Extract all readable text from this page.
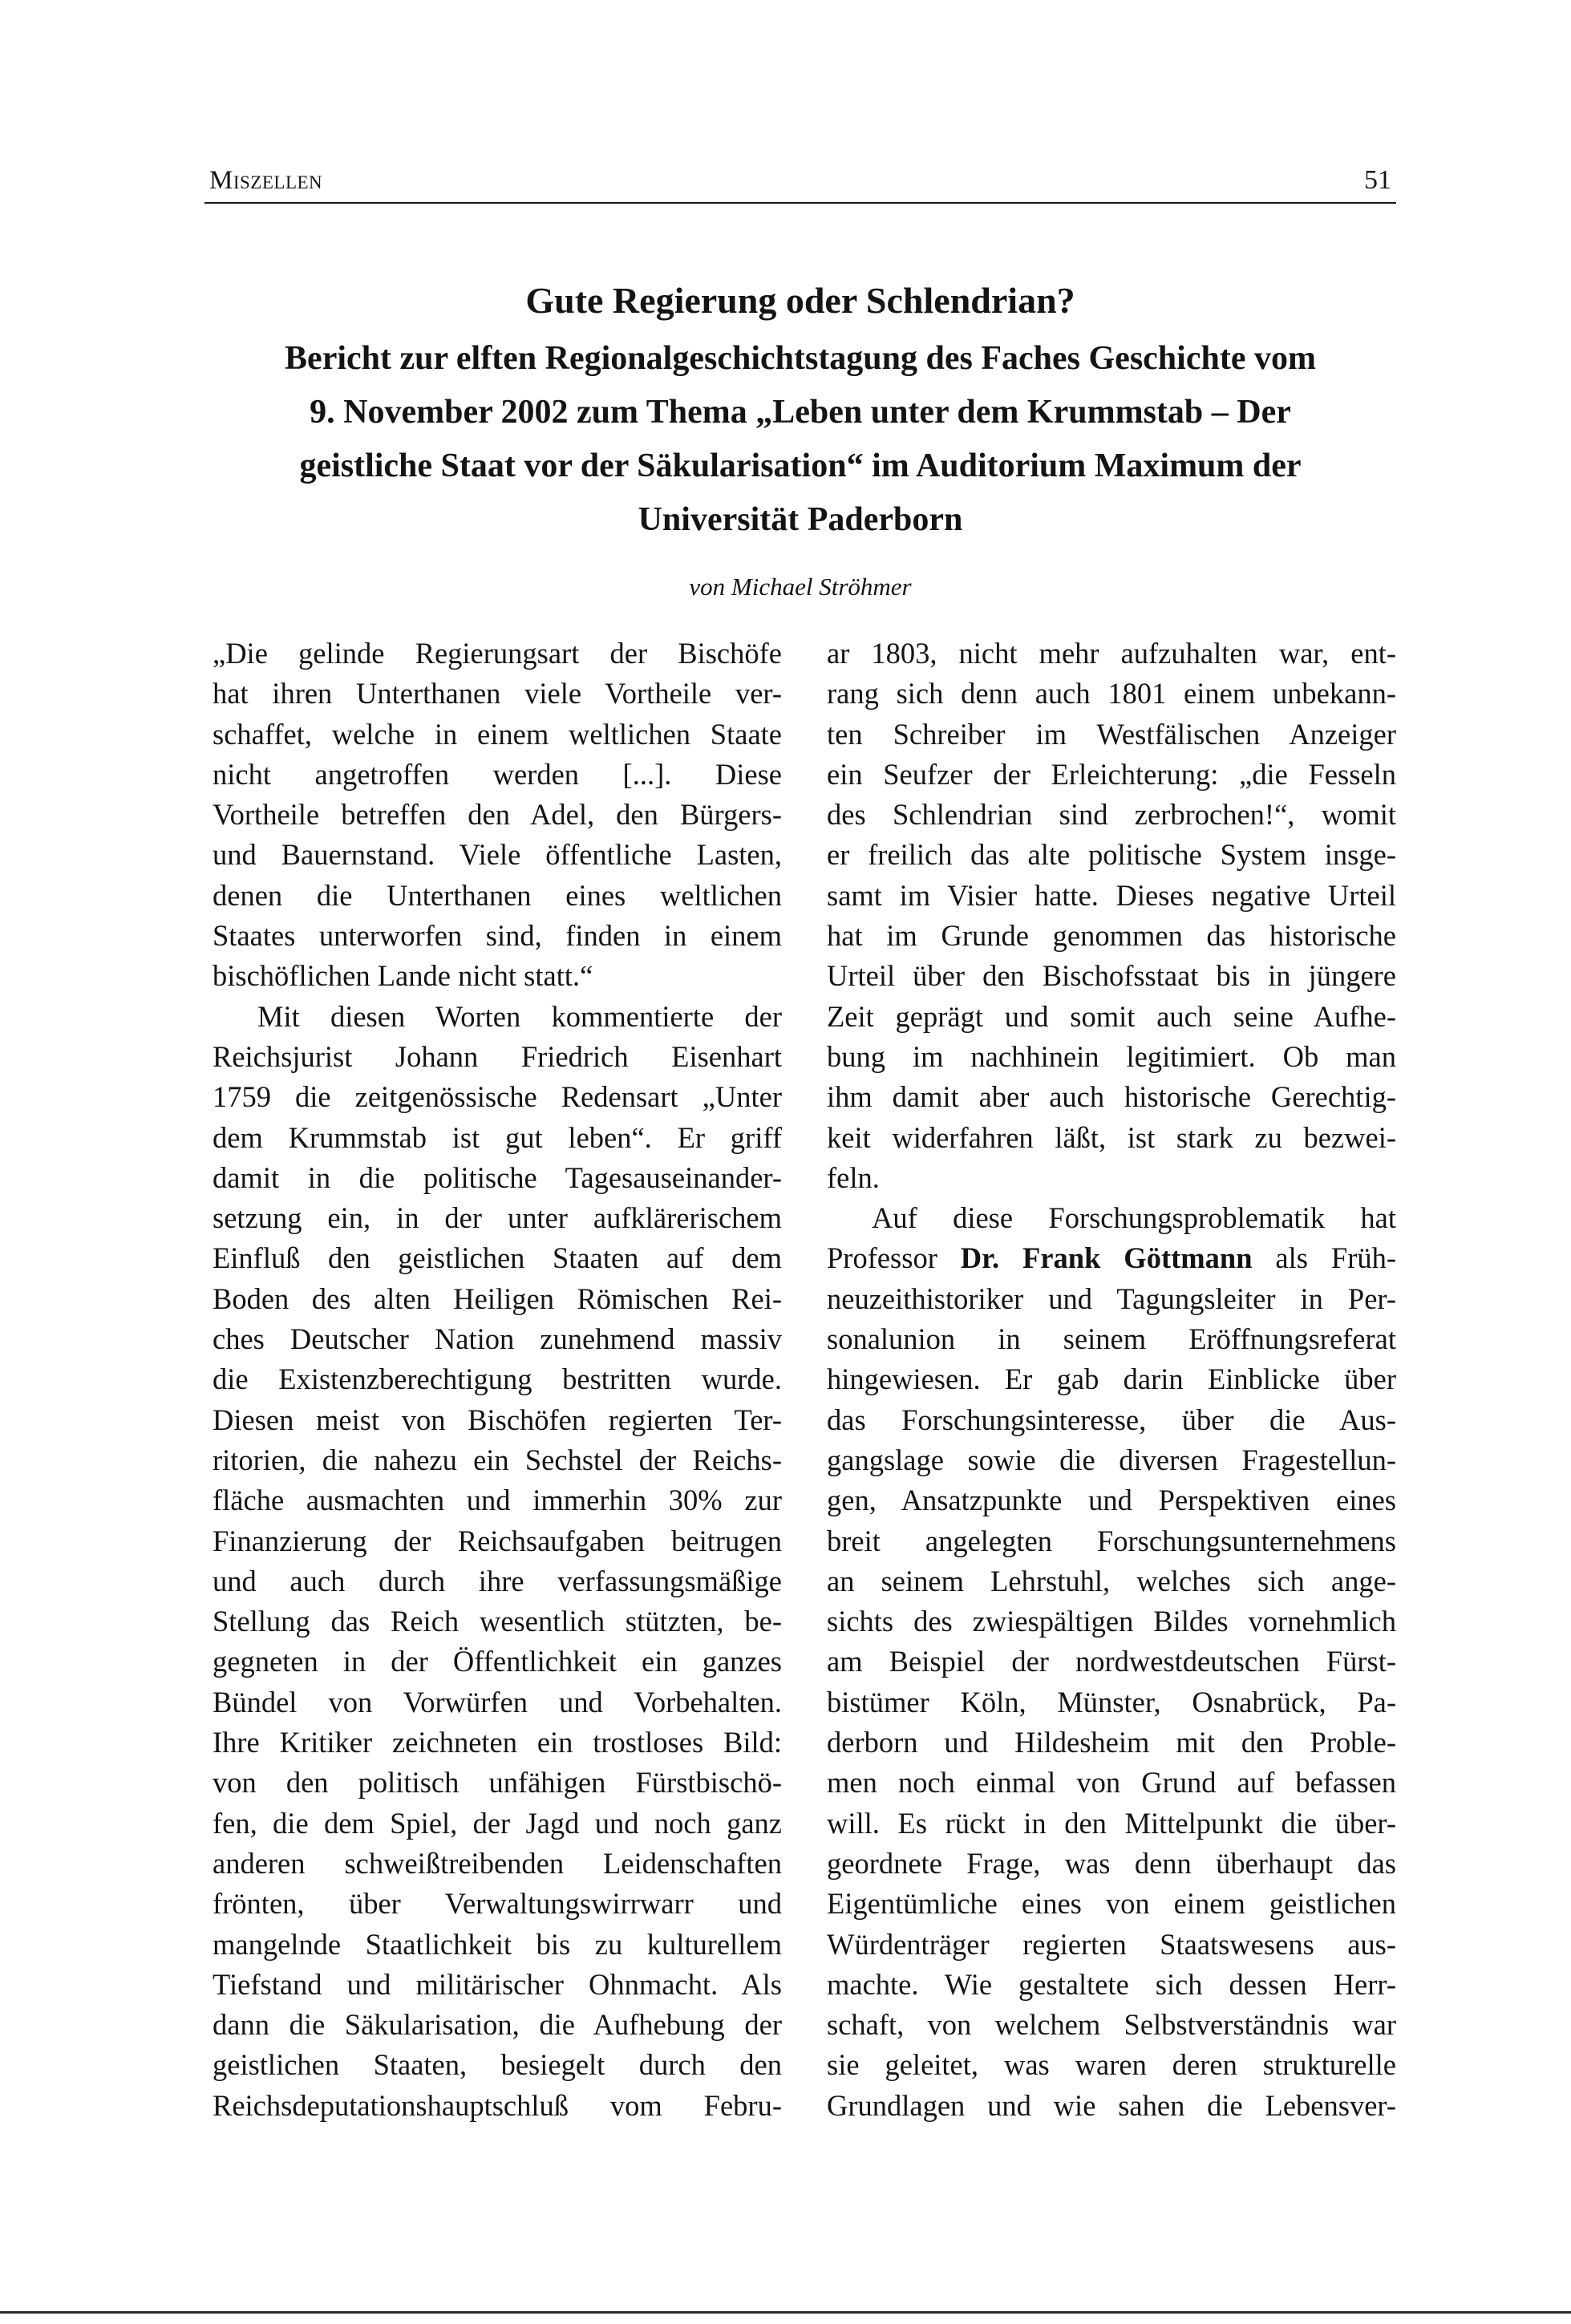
Miszellen	51
Gute Regierung oder Schlendrian?
Bericht zur elften Regionalgeschichtstagung des Faches Geschichte vom
9. November 2002 zum Thema „Leben unter dem Krummstab – Der
geistliche Staat vor der Säkularisation“ im Auditorium Maximum der
Universität Paderborn
von Michael Ströhmer
„Die gelinde Regierungsart der Bischöfe
hat ihren Unterthanen viele Vortheile ver-
schaffet, welche in einem weltlichen Staate
nicht angetroffen werden [...]. Diese
Vortheile betreffen den Adel, den Bürgers-
und Bauernstand. Viele öffentliche Lasten,
denen die Unterthanen eines weltlichen
Staates unterworfen sind, finden in einem
bischöflichen Lande nicht statt.“
Mit diesen Worten kommentierte der
Reichsjurist Johann Friedrich Eisenhart
1759 die zeitgenössische Redensart „Unter
dem Krummstab ist gut leben“. Er griff
damit in die politische Tagesauseinander-
setzung ein, in der unter aufklärerischem
Einfluß den geistlichen Staaten auf dem
Boden des alten Heiligen Römischen Rei-
ches Deutscher Nation zunehmend massiv
die Existenzberechtigung bestritten wurde.
Diesen meist von Bischöfen regierten Ter-
ritorien, die nahezu ein Sechstel der Reichs-
fläche ausmachten und immerhin 30% zur
Finanzierung der Reichsaufgaben beitrugen
und auch durch ihre verfassungsmäßige
Stellung das Reich wesentlich stützten, be-
gegneten in der Öffentlichkeit ein ganzes
Bündel von Vorwürfen und Vorbehalten.
Ihre Kritiker zeichneten ein trostloses Bild:
von den politisch unfähigen Fürstbischö-
fen, die dem Spiel, der Jagd und noch ganz
anderen schweißtreibenden Leidenschaften
frönten, über Verwaltungswirrwarr und
mangelnde Staatlichkeit bis zu kulturellem
Tiefstand und militärischer Ohnmacht. Als
dann die Säkularisation, die Aufhebung der
geistlichen Staaten, besiegelt durch den
Reichsdeputationshauptschluß vom Febru-
ar 1803, nicht mehr aufzuhalten war, ent-
rang sich denn auch 1801 einem unbekann-
ten Schreiber im Westfälischen Anzeiger
ein Seufzer der Erleichterung: „die Fesseln
des Schlendrian sind zerbrochen!“, womit
er freilich das alte politische System insge-
samt im Visier hatte. Dieses negative Urteil
hat im Grunde genommen das historische
Urteil über den Bischofsstaat bis in jüngere
Zeit geprägt und somit auch seine Aufhe-
bung im nachhinein legitimiert. Ob man
ihm damit aber auch historische Gerechtig-
keit widerfahren läßt, ist stark zu bezwei-
feln.
Auf diese Forschungsproblematik hat
Professor Dr. Frank Göttmann als Früh-
neuzeithistoriker und Tagungsleiter in Per-
sonalunion in seinem Eröffnungsreferat
hingewiesen. Er gab darin Einblicke über
das Forschungsinteresse, über die Aus-
gangslage sowie die diversen Fragestellun-
gen, Ansatzpunkte und Perspektiven eines
breit angelegten Forschungsunternehmens
an seinem Lehrstuhl, welches sich ange-
sichts des zwiespältigen Bildes vornehmlich
am Beispiel der nordwestdeutschen Fürst-
bistümer Köln, Münster, Osnabrück, Pa-
derborn und Hildesheim mit den Proble-
men noch einmal von Grund auf befassen
will. Es rückt in den Mittelpunkt die über-
geordnete Frage, was denn überhaupt das
Eigentümliche eines von einem geistlichen
Würdenträger regierten Staatswesens aus-
machte. Wie gestaltete sich dessen Herr-
schaft, von welchem Selbstverständnis war
sie geleitet, was waren deren strukturelle
Grundlagen und wie sahen die Lebensver-
